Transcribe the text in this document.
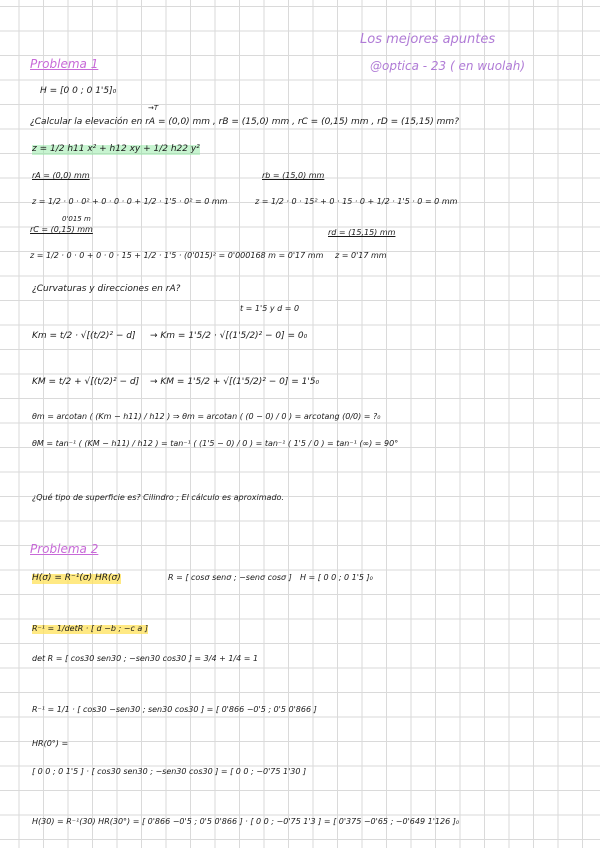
Los mejores apuntes
@optica - 23 ( en wuolah)
Problema 1
H = [0 0 ; 0 1'5]₀
→T
¿Calcular la elevación en rA = (0,0) mm , rB = (15,0) mm , rC = (0,15) mm , rD = (15,15) mm?
z = 1/2 h11 x² + h12 xy + 1/2 h22 y²
rA = (0,0) mm	rb = (15,0) mm
z = 1/2 · 0 · 0² + 0 · 0 · 0 + 1/2 · 1'5 · 0² = 0 mm	z = 1/2 · 0 · 15² + 0 · 15 · 0 + 1/2 · 1'5 · 0 = 0 mm
0'015 m
rC = (0,15) mm	rd = (15,15) mm
z = 1/2 · 0 · 0 + 0 · 0 · 15 + 1/2 · 1'5 · (0'015)² = 0'000168 m = 0'17 mm z = 0'17 mm
¿Curvaturas y direcciones en rA?
t = 1'5 y d = 0
Km = t/2 · √[(t/2)² − d] → Km = 1'5/2 · √[(1'5/2)² − 0] = 0₀
KM = t/2 + √[(t/2)² − d] → KM = 1'5/2 + √[(1'5/2)² − 0] = 1'5₀
θm = arcotan ( (Km − h11) / h12 ) ⇒ θm = arcotan ( (0 − 0) / 0 ) = arcotang (0/0) = ?₀
θM = tan⁻¹ ( (KM − h11) / h12 ) = tan⁻¹ ( (1'5 − 0) / 0 ) = tan⁻¹ ( 1'5 / 0 ) = tan⁻¹ (∞) = 90°
¿Qué tipo de superficie es? Cilindro ; El cálculo es aproximado.
Problema 2
H(σ) = R⁻¹(σ) HR(σ)	R = [ cosσ senσ ; −senσ cosσ ] H = [ 0 0 ; 0 1'5 ]₀
R⁻¹ = 1/detR · [ d −b ; −c a ]
det R = [ cos30 sen30 ; −sen30 cos30 ] = 3/4 + 1/4 = 1
R⁻¹ = 1/1 · [ cos30 −sen30 ; sen30 cos30 ] = [ 0'866 −0'5 ; 0'5 0'866 ]
HR(0°) =
[ 0 0 ; 0 1'5 ] · [ cos30 sen30 ; −sen30 cos30 ] = [ 0 0 ; −0'75 1'30 ]
H(30) = R⁻¹(30) HR(30°) = [ 0'866 −0'5 ; 0'5 0'866 ] · [ 0 0 ; −0'75 1'3 ] = [ 0'375 −0'65 ; −0'649 1'126 ]₀
